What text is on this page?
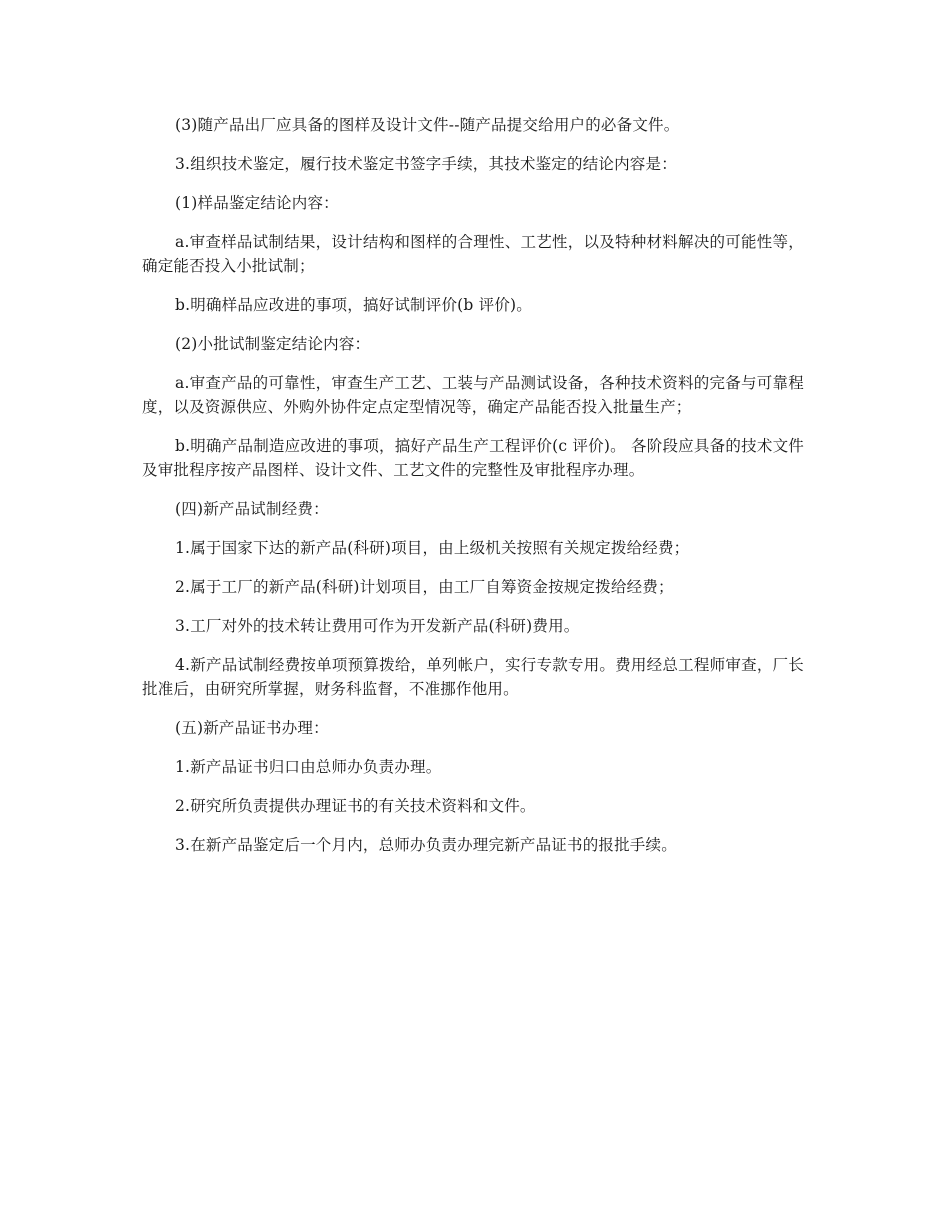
(3)随产品出厂应具备的图样及设计文件--随产品提交给用户的必备文件。

3.组织技术鉴定，履行技术鉴定书签字手续，其技术鉴定的结论内容是：

(1)样品鉴定结论内容：

a.审查样品试制结果，设计结构和图样的合理性、工艺性，以及特种材料解决的可能性等，确定能否投入小批试制；

b.明确样品应改进的事项，搞好试制评价(b 评价)。

(2)小批试制鉴定结论内容：

a.审查产品的可靠性，审查生产工艺、工装与产品测试设备，各种技术资料的完备与可靠程度，以及资源供应、外购外协件定点定型情况等，确定产品能否投入批量生产；

b.明确产品制造应改进的事项，搞好产品生产工程评价(c 评价)。 各阶段应具备的技术文件及审批程序按产品图样、设计文件、工艺文件的完整性及审批程序办理。

(四)新产品试制经费：

1.属于国家下达的新产品(科研)项目，由上级机关按照有关规定拨给经费；

2.属于工厂的新产品(科研)计划项目，由工厂自筹资金按规定拨给经费；

3.工厂对外的技术转让费用可作为开发新产品(科研)费用。

4.新产品试制经费按单项预算拨给，单列帐户，实行专款专用。费用经总工程师审查，厂长批准后，由研究所掌握，财务科监督，不准挪作他用。

(五)新产品证书办理：

1.新产品证书归口由总师办负责办理。

2.研究所负责提供办理证书的有关技术资料和文件。

3.在新产品鉴定后一个月内，总师办负责办理完新产品证书的报批手续。
